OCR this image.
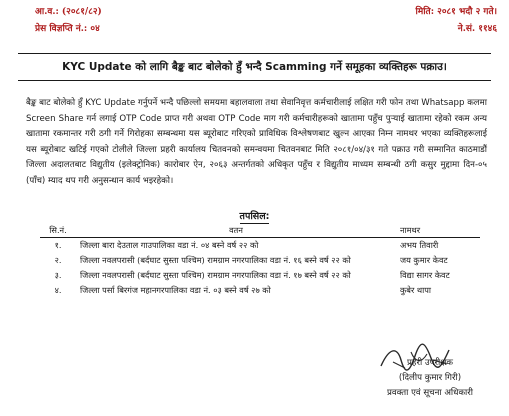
आ.व.: (२०८१/८२)
प्रेस विज्ञप्ति नं.: ०४
मिति: २०८१ भदौ २ गते।
ने.सं. ११४६
KYC Update को लागि बैङ्क बाट बोलेको हुँ भन्दै Scamming गर्ने समूहका व्यक्तिहरू पक्राउ।
बैङ्क बाट बोलेको हुँ KYC Update गर्नुपर्ने भन्दै पछिल्लो समयमा बहालवाला तथा सेवानिवृत्त कर्मचारीलाई लक्षित गरी फोन तथा Whatsapp कलमा Screen Share गर्न लगाई OTP Code प्राप्त गरी अथवा OTP Code माग गरी कर्मचारीहरूको खातामा पहुँच पुर्‍याई खातामा रहेको रकम अन्य खातामा रकमान्तर गरी ठगी गर्ने गिरोहका सम्बन्धमा यस ब्यूरोबाट गरिएको प्राविधिक विश्लेषणबाट खुल्न आएका निम्न नामथर भएका व्यक्तिहरूलाई यस ब्यूरोबाट खटिई गएको टोलीले जिल्ला प्रहरी कार्यालय चितवनको समन्वयमा चितवनबाट मिति २०८१/०४/३१ गते पक्राउ गरी सम्मानित काठमाडौं जिल्ला अदालतबाट विद्युतीय (इलेक्ट्रोनिक) कारोबार ऐन, २०६३ अन्तर्गतको अधिकृत पहुँच र विद्युतीय माध्यम सम्बन्धी ठगी कसुर मुद्दामा दिन-०५ (पाँच) म्याद थप गरी अनुसन्धान कार्य भइरहेको।
तपसिल:
सि.नं.	वतन	नामथर
१.	जिल्ला बारा देउताल गाउपालिका वडा नं. ०४ बस्ने वर्ष २२ को	अभय तिवारी
२.	जिल्ला नवलपरासी (बर्दघाट सुस्ता पश्चिम) रामग्राम नगरपालिका वडा नं. १६ बस्ने वर्ष २२ को	जय कुमार केवट
३.	जिल्ला नवलपरासी (बर्दघाट सुस्ता पश्चिम) रामग्राम नगरपालिका वडा नं. १७ बस्ने वर्ष २२ को	विद्या सागर केवट
४.	जिल्ला पर्सा बिरगंज महानगरपालिका वडा नं. ०३ बस्ने वर्ष २७ को	कुबेर थापा
प्रहरी उपरीक्षक
(दिलीप कुमार गिरी)
प्रवक्ता एवं सूचना अधिकारी
